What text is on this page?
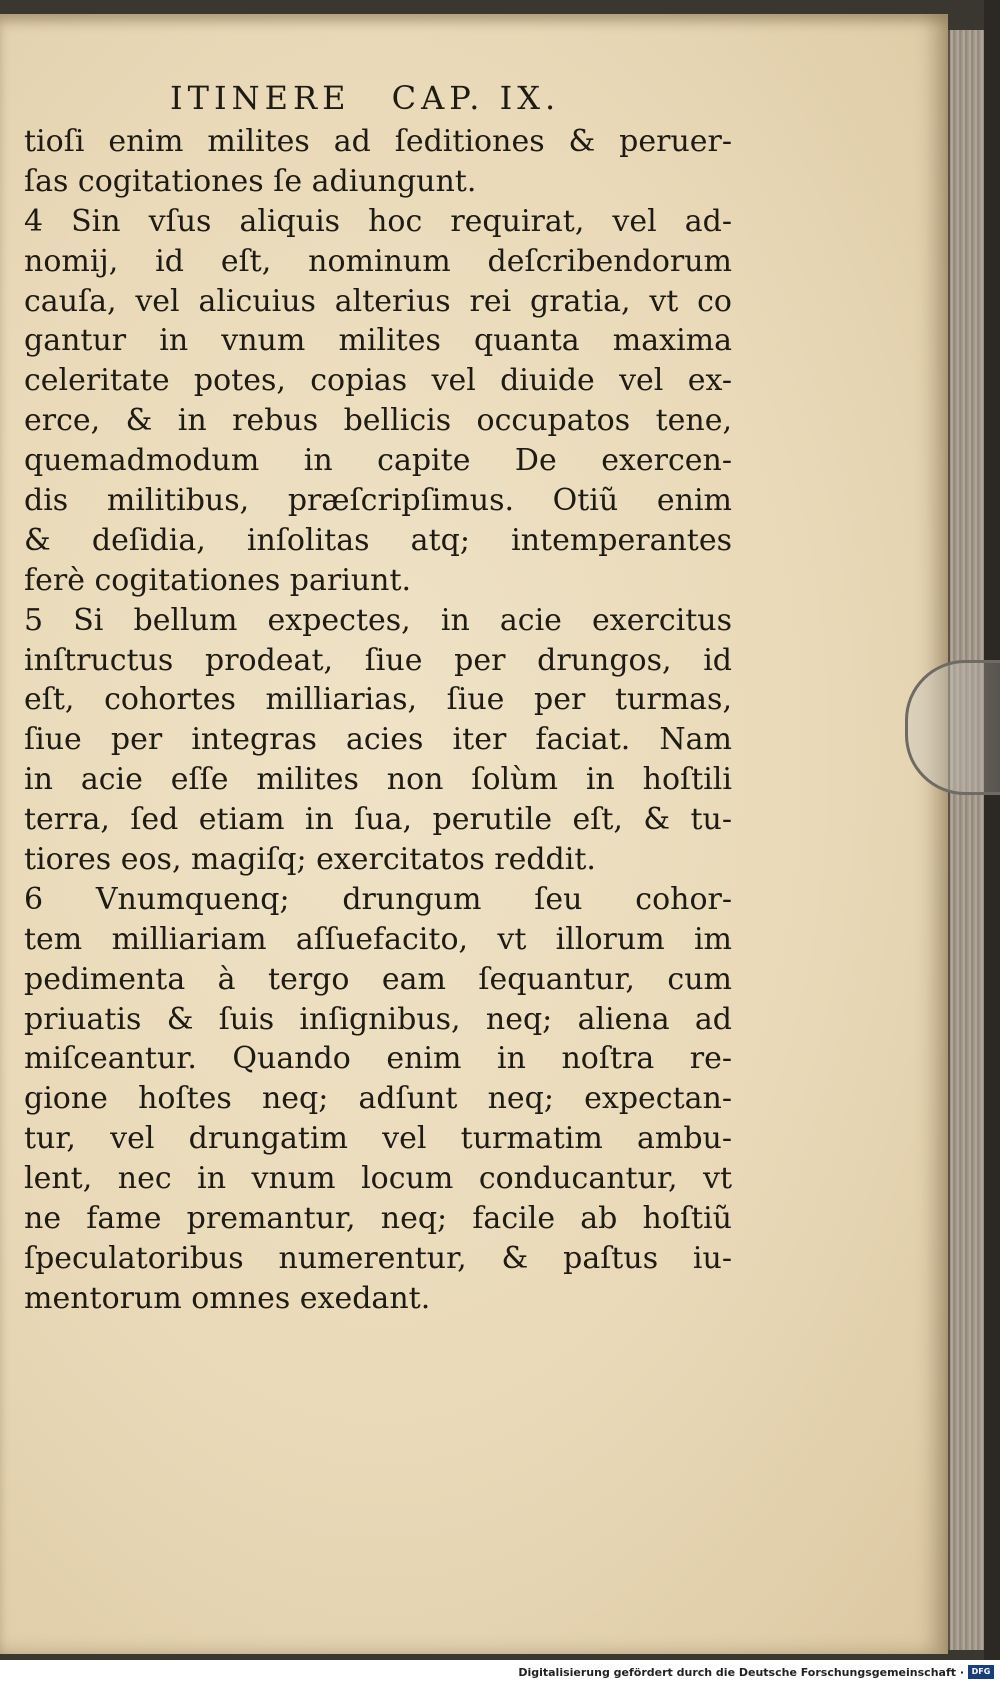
ITINERE CAP. IX.
tioſi enim milites ad ſeditiones & peruer-
ſas cogitationes ſe adiungunt.
4 Sin vſus aliquis hoc requirat, vel ad-
nomij, id eſt, nominum deſcribendorum
cauſa, vel alicuius alterius rei gratia, vt co
gantur in vnum milites quanta maxima
celeritate potes, copias vel diuide vel ex-
erce, & in rebus bellicis occupatos tene,
quemadmodum in capite De exercen-
dis militibus, præſcripſimus. Otiũ enim
& deſidia, inſolitas atq; intemperantes
ferè cogitationes pariunt.
5 Si bellum expectes, in acie exercitus
inſtructus prodeat, ſiue per drungos, id
eſt, cohortes milliarias, ſiue per turmas,
ſiue per integras acies iter faciat. Nam
in acie eſſe milites non ſolùm in hoſtili
terra, ſed etiam in ſua, perutile eſt, & tu-
tiores eos, magiſq; exercitatos reddit.
6 Vnumquenq; drungum ſeu cohor-
tem milliariam aſſuefacito, vt illorum im
pedimenta à tergo eam ſequantur, cum
priuatis & ſuis inſignibus, neq; aliena ad
miſceantur. Quando enim in noſtra re-
gione hoſtes neq; adſunt neq; expectan-
tur, vel drungatim vel turmatim ambu-
lent, nec in vnum locum conducantur, vt
ne fame premantur, neq; facile ab hoſtiũ
ſpeculatoribus numerentur, & paſtus iu-
mentorum omnes exedant.
Digitalisierung gefördert durch die Deutsche Forschungsgemeinschaft · DFG
